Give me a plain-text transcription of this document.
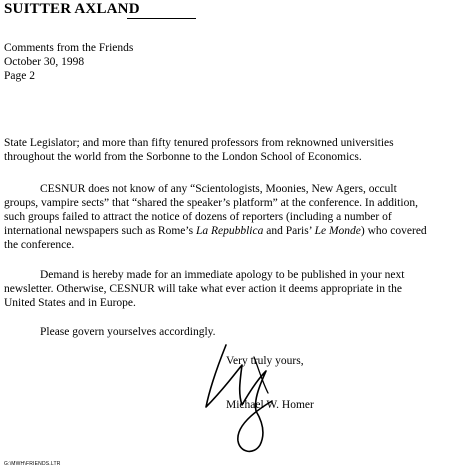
SUITTER AXLAND
Comments from the Friends
October 30, 1998
Page 2
State Legislator; and more than fifty tenured professors from reknowned universities
throughout the world from the Sorbonne to the London School of Economics.
CESNUR does not know of any “Scientologists, Moonies, New Agers, occult
groups, vampire sects” that “shared the speaker’s platform” at the conference. In addition,
such groups failed to attract the notice of dozens of reporters (including a number of
international newspapers such as Rome’s La Repubblica and Paris’ Le Monde) who covered
the conference.
Demand is hereby made for an immediate apology to be published in your next
newsletter. Otherwise, CESNUR will take what ever action it deems appropriate in the
United States and in Europe.
Please govern yourselves accordingly.
Very truly yours,
Michael W. Homer
G:\MWH\FRIENDS.LTR
